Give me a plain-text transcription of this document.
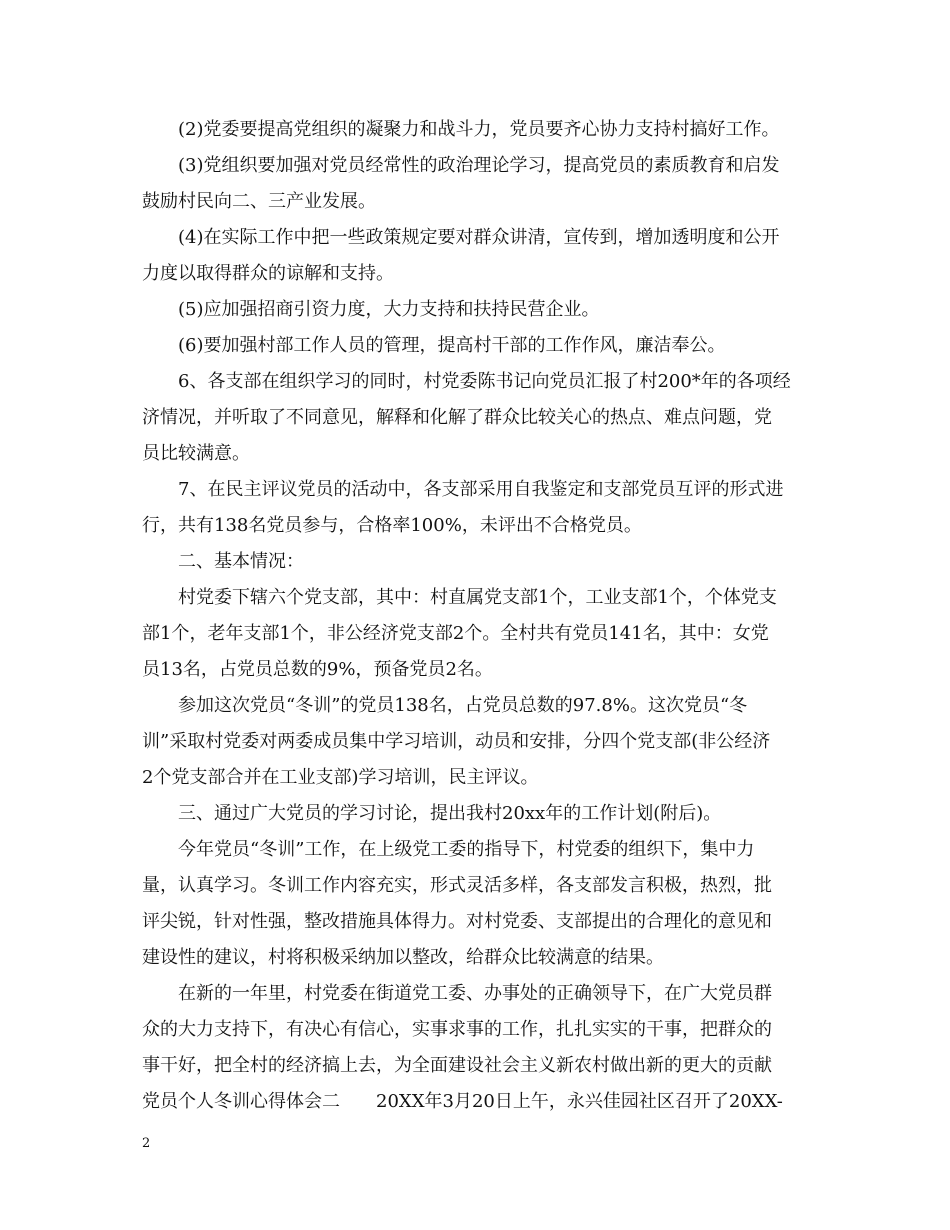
(2)党委要提高党组织的凝聚力和战斗力，党员要齐心协力支持村搞好工作。
(3)党组织要加强对党员经常性的政治理论学习，提高党员的素质教育和启发
鼓励村民向二、三产业发展。
(4)在实际工作中把一些政策规定要对群众讲清，宣传到，增加透明度和公开
力度以取得群众的谅解和支持。
(5)应加强招商引资力度，大力支持和扶持民营企业。
(6)要加强村部工作人员的管理，提高村干部的工作作风，廉洁奉公。
6、各支部在组织学习的同时，村党委陈书记向党员汇报了村200*年的各项经
济情况，并听取了不同意见，解释和化解了群众比较关心的热点、难点问题，党
员比较满意。
7、在民主评议党员的活动中，各支部采用自我鉴定和支部党员互评的形式进
行，共有138名党员参与，合格率100%，未评出不合格党员。
二、基本情况：
村党委下辖六个党支部，其中：村直属党支部1个，工业支部1个，个体党支
部1个，老年支部1个，非公经济党支部2个。全村共有党员141名，其中：女党
员13名，占党员总数的9%，预备党员2名。
参加这次党员“冬训”的党员138名，占党员总数的97.8%。这次党员“冬
训”采取村党委对两委成员集中学习培训，动员和安排，分四个党支部(非公经济
2个党支部合并在工业支部)学习培训，民主评议。
三、通过广大党员的学习讨论，提出我村20xx年的工作计划(附后)。
今年党员“冬训”工作，在上级党工委的指导下，村党委的组织下，集中力
量，认真学习。冬训工作内容充实，形式灵活多样，各支部发言积极，热烈，批
评尖锐，针对性强，整改措施具体得力。对村党委、支部提出的合理化的意见和
建设性的建议，村将积极采纳加以整改，给群众比较满意的结果。
在新的一年里，村党委在街道党工委、办事处的正确领导下，在广大党员群
众的大力支持下，有决心有信心，实事求事的工作，扎扎实实的干事，把群众的
事干好，把全村的经济搞上去，为全面建设社会主义新农村做出新的更大的贡献
党员个人冬训心得体会二　　20XX年3月20日上午，永兴佳园社区召开了20XX-
2
